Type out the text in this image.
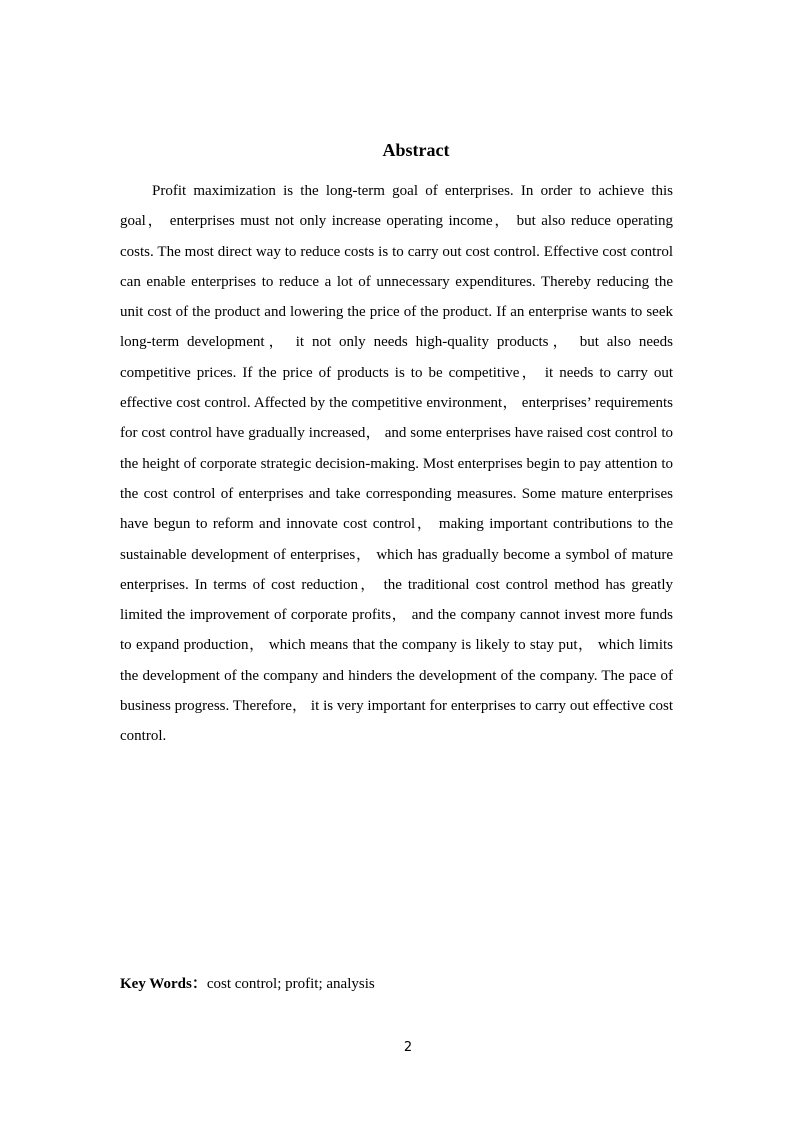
Abstract

Profit maximization is the long-term goal of enterprises. In order to achieve this goal， enterprises must not only increase operating income， but also reduce operating costs. The most direct way to reduce costs is to carry out cost control. Effective cost control can enable enterprises to reduce a lot of unnecessary expenditures. Thereby reducing the unit cost of the product and lowering the price of the product. If an enterprise wants to seek long-term development， it not only needs high-quality products， but also needs competitive prices. If the price of products is to be competitive， it needs to carry out effective cost control. Affected by the competitive environment， enterprises’ requirements for cost control have gradually increased， and some enterprises have raised cost control to the height of corporate strategic decision-making. Most enterprises begin to pay attention to the cost control of enterprises and take corresponding measures. Some mature enterprises have begun to reform and innovate cost control， making important contributions to the sustainable development of enterprises， which has gradually become a symbol of mature enterprises. In terms of cost reduction， the traditional cost control method has greatly limited the improvement of corporate profits， and the company cannot invest more funds to expand production， which means that the company is likely to stay put， which limits the development of the company and hinders the development of the company. The pace of business progress. Therefore， it is very important for enterprises to carry out effective cost control.

Key Words：cost control; profit; analysis

2
